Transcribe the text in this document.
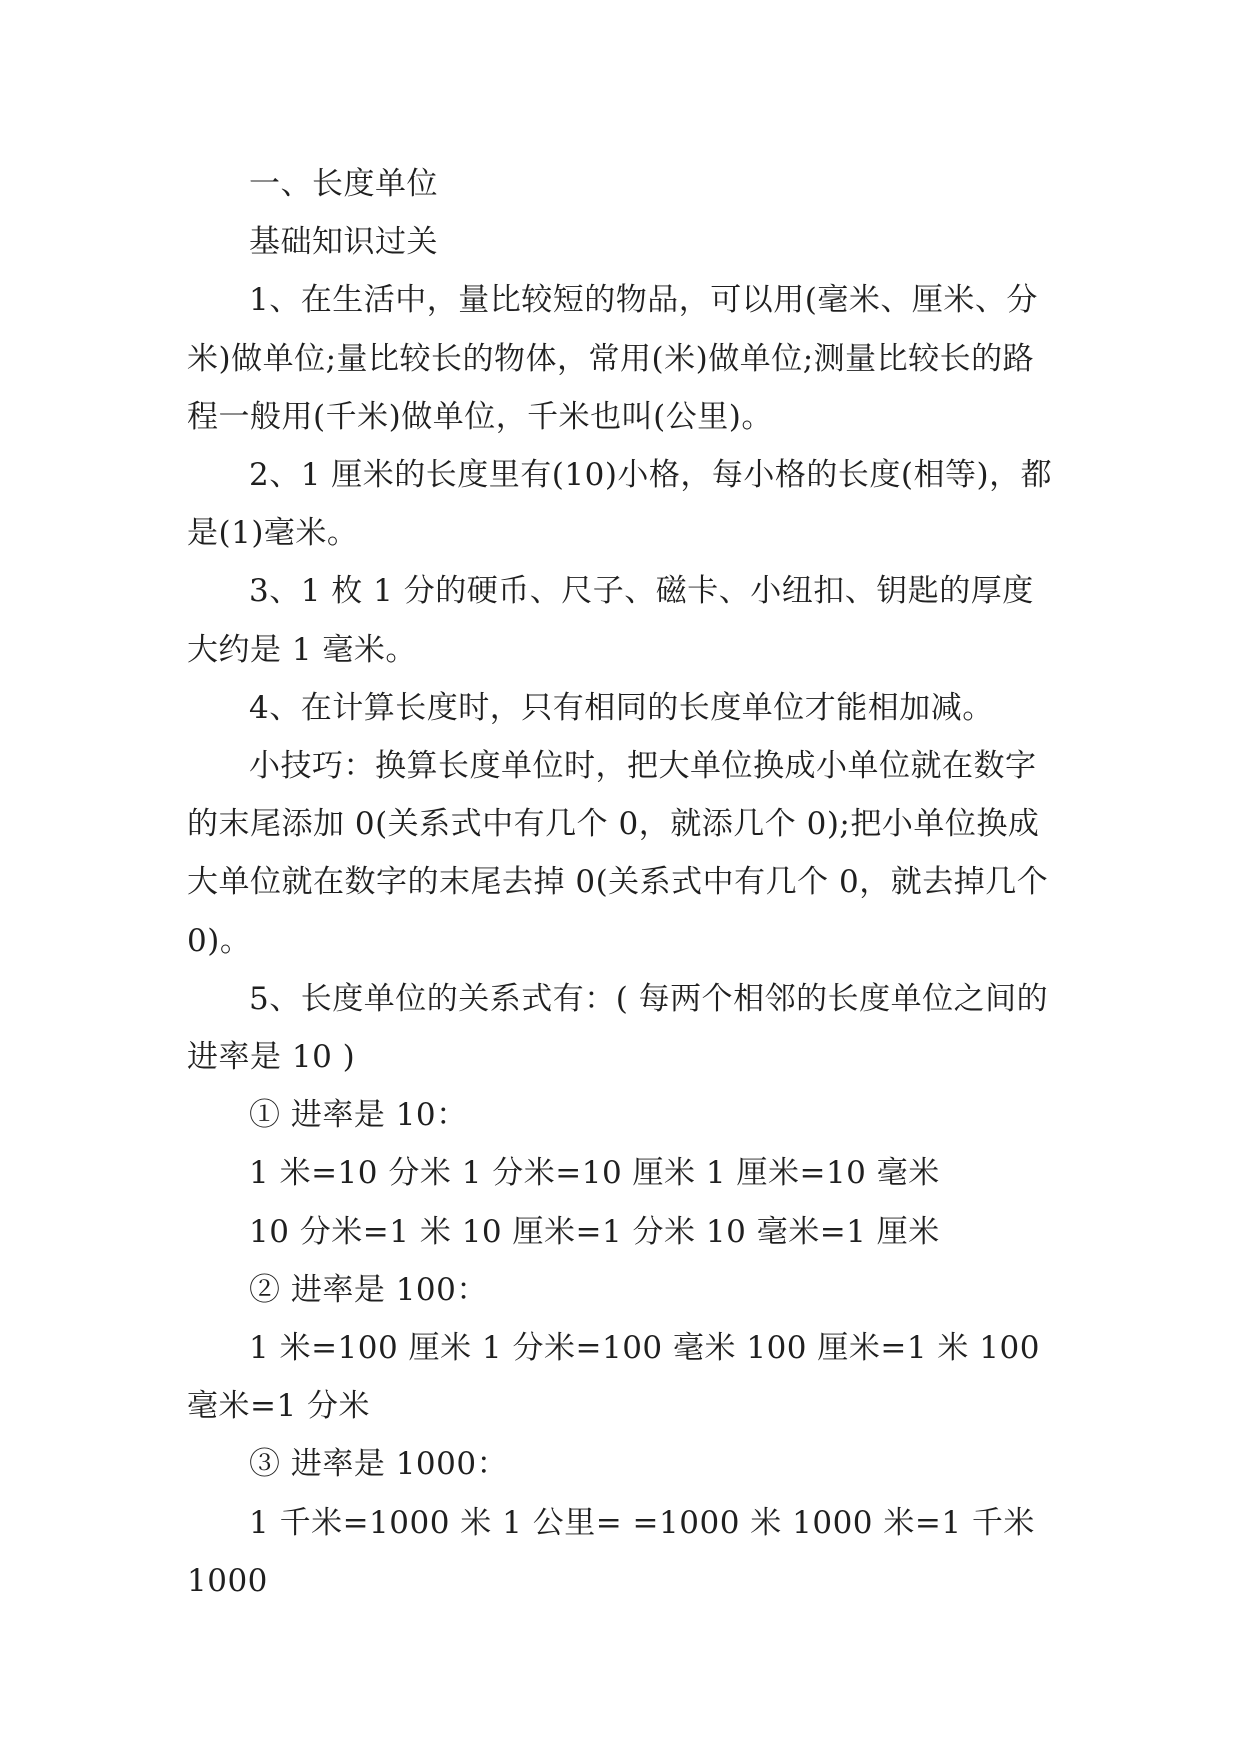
一、长度单位

基础知识过关

1、在生活中，量比较短的物品，可以用(毫米、厘米、分米)做单位;量比较长的物体，常用(米)做单位;测量比较长的路程一般用(千米)做单位，千米也叫(公里)。

2、1 厘米的长度里有(10)小格，每小格的长度(相等)，都是(1)毫米。

3、1 枚 1 分的硬币、尺子、磁卡、小纽扣、钥匙的厚度大约是 1 毫米。

4、在计算长度时，只有相同的长度单位才能相加减。

小技巧：换算长度单位时，把大单位换成小单位就在数字的末尾添加 0(关系式中有几个 0，就添几个 0);把小单位换成大单位就在数字的末尾去掉 0(关系式中有几个 0，就去掉几个 0)。

5、长度单位的关系式有：( 每两个相邻的长度单位之间的进率是 10 )

① 进率是 10：

1 米=10 分米 1 分米=10 厘米 1 厘米=10 毫米

10 分米=1 米 10 厘米=1 分米 10 毫米=1 厘米

② 进率是 100：

1 米=100 厘米 1 分米=100 毫米 100 厘米=1 米 100 毫米=1 分米

③ 进率是 1000：

1 千米=1000 米 1 公里= =1000 米 1000 米=1 千米 1000
